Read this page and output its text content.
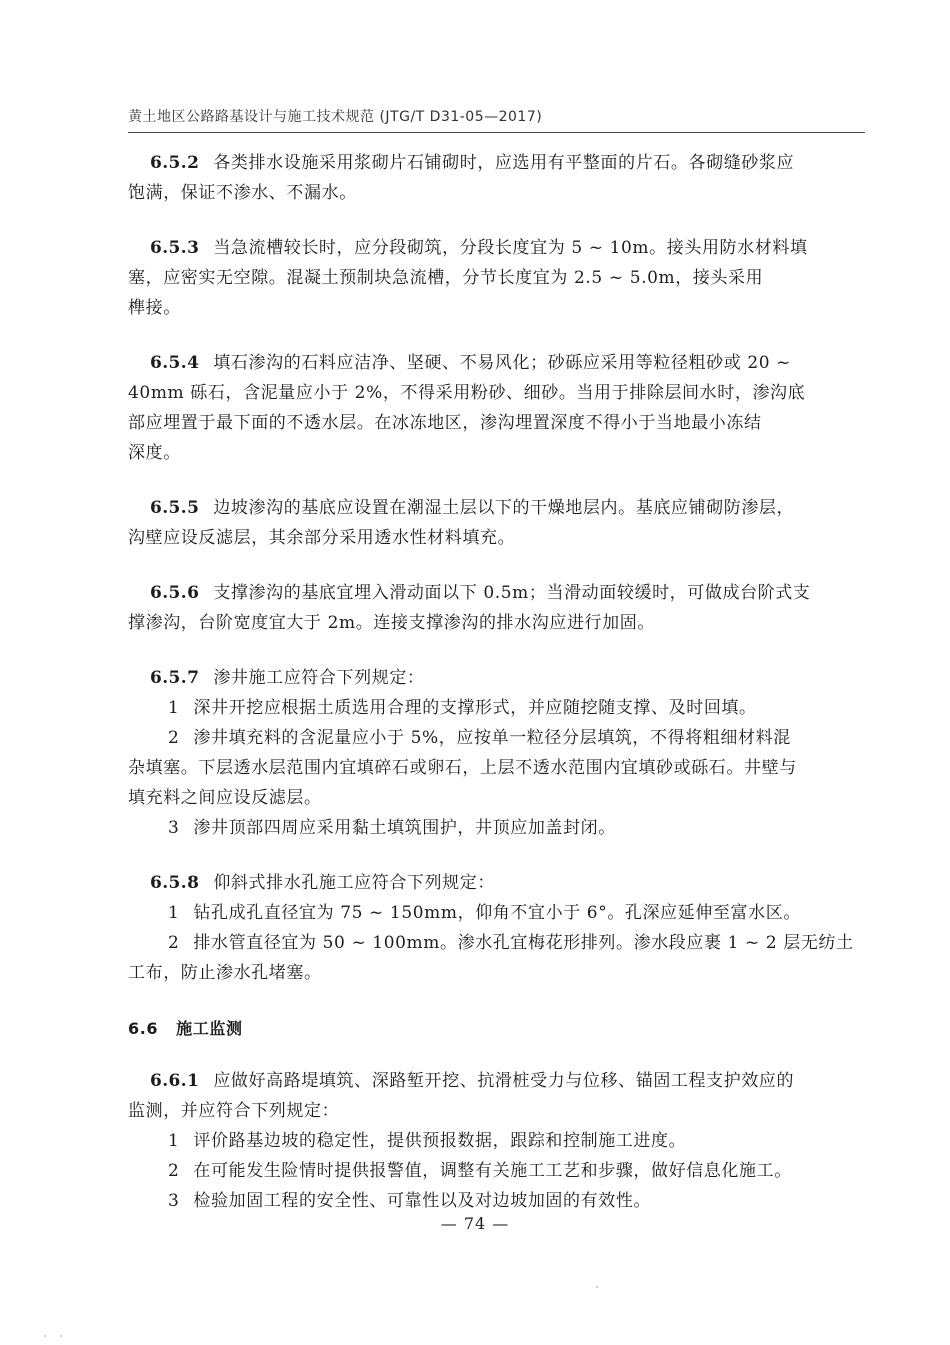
黄土地区公路路基设计与施工技术规范 (JTG/T D31-05—2017)
6.5.2 各类排水设施采用浆砌片石铺砌时，应选用有平整面的片石。各砌缝砂浆应
饱满，保证不渗水、不漏水。
6.5.3 当急流槽较长时，应分段砌筑，分段长度宜为 5 ~ 10m。接头用防水材料填
塞，应密实无空隙。混凝土预制块急流槽，分节长度宜为 2.5 ~ 5.0m，接头采用
榫接。
6.5.4 填石渗沟的石料应洁净、坚硬、不易风化；砂砾应采用等粒径粗砂或 20 ~
40mm 砾石，含泥量应小于 2%，不得采用粉砂、细砂。当用于排除层间水时，渗沟底
部应埋置于最下面的不透水层。在冰冻地区，渗沟埋置深度不得小于当地最小冻结
深度。
6.5.5 边坡渗沟的基底应设置在潮湿土层以下的干燥地层内。基底应铺砌防渗层，
沟壁应设反滤层，其余部分采用透水性材料填充。
6.5.6 支撑渗沟的基底宜埋入滑动面以下 0.5m；当滑动面较缓时，可做成台阶式支
撑渗沟，台阶宽度宜大于 2m。连接支撑渗沟的排水沟应进行加固。
6.5.7 渗井施工应符合下列规定：
1 深井开挖应根据土质选用合理的支撑形式，并应随挖随支撑、及时回填。
2 渗井填充料的含泥量应小于 5%，应按单一粒径分层填筑，不得将粗细材料混
杂填塞。下层透水层范围内宜填碎石或卵石，上层不透水范围内宜填砂或砾石。井壁与
填充料之间应设反滤层。
3 渗井顶部四周应采用黏土填筑围护，井顶应加盖封闭。
6.5.8 仰斜式排水孔施工应符合下列规定：
1 钻孔成孔直径宜为 75 ~ 150mm，仰角不宜小于 6°。孔深应延伸至富水区。
2 排水管直径宜为 50 ~ 100mm。渗水孔宜梅花形排列。渗水段应裹 1 ~ 2 层无纺土
工布，防止渗水孔堵塞。
6.6 施工监测
6.6.1 应做好高路堤填筑、深路堑开挖、抗滑桩受力与位移、锚固工程支护效应的
监测，并应符合下列规定：
1 评价路基边坡的稳定性，提供预报数据，跟踪和控制施工进度。
2 在可能发生险情时提供报警值，调整有关施工工艺和步骤，做好信息化施工。
3 检验加固工程的安全性、可靠性以及对边坡加固的有效性。
— 74 —
